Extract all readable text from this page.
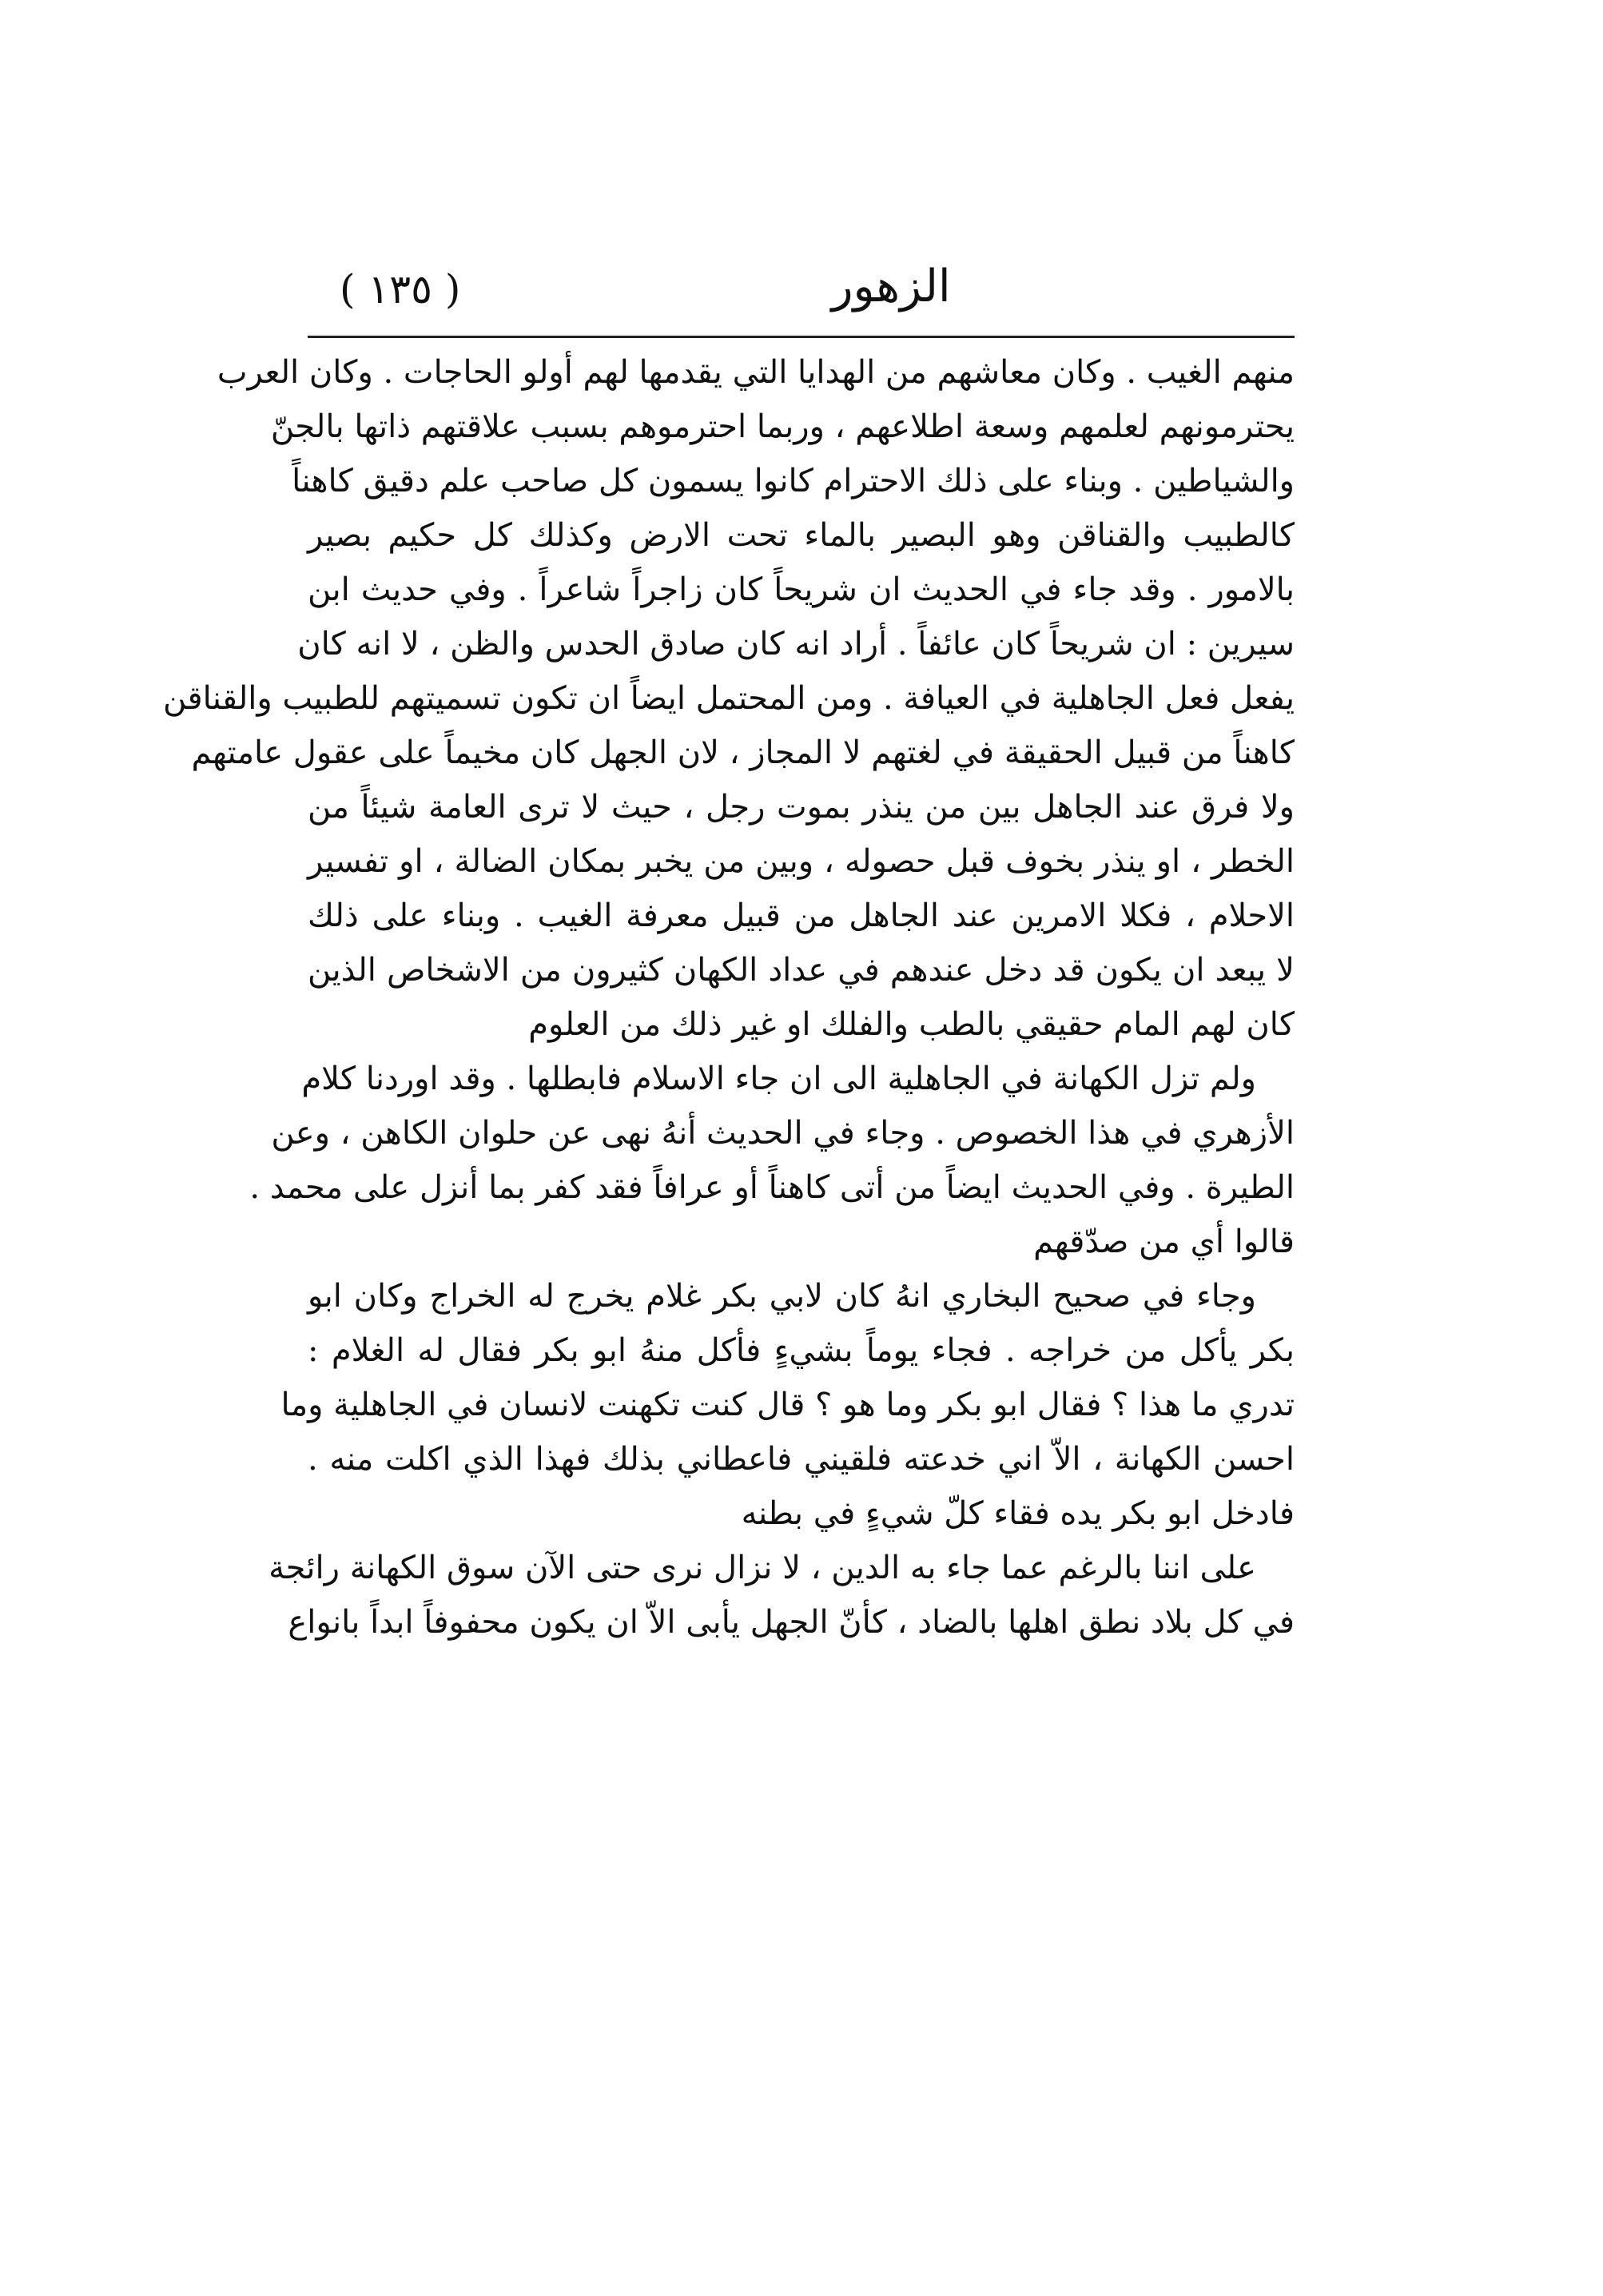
( ١٣٥ )	الزهور
منهم الغيب . وكان معاشهم من الهدايا التي يقدمها لهم أولو الحاجات . وكان العرب
يحترمونهم لعلمهم وسعة اطلاعهم ، وربما احترموهم بسبب علاقتهم ذاتها بالجنّ
والشياطين . وبناء على ذلك الاحترام كانوا يسمون كل صاحب علم دقيق كاهناً
كالطبيب والقناقن وهو البصير بالماء تحت الارض وكذلك كل حكيم بصير
بالامور . وقد جاء في الحديث ان شريحاً كان زاجراً شاعراً . وفي حديث ابن
سيرين : ان شريحاً كان عائفاً . أراد انه كان صادق الحدس والظن ، لا انه كان
يفعل فعل الجاهلية في العيافة . ومن المحتمل ايضاً ان تكون تسميتهم للطبيب والقناقن
كاهناً من قبيل الحقيقة في لغتهم لا المجاز ، لان الجهل كان مخيماً على عقول عامتهم
ولا فرق عند الجاهل بين من ينذر بموت رجل ، حيث لا ترى العامة شيئاً من
الخطر ، او ينذر بخوف قبل حصوله ، وبين من يخبر بمكان الضالة ، او تفسير
الاحلام ، فكلا الامرين عند الجاهل من قبيل معرفة الغيب . وبناء على ذلك
لا يبعد ان يكون قد دخل عندهم في عداد الكهان كثيرون من الاشخاص الذين
كان لهم المام حقيقي بالطب والفلك او غير ذلك من العلوم
ولم تزل الكهانة في الجاهلية الى ان جاء الاسلام فابطلها . وقد اوردنا كلام
الأزهري في هذا الخصوص . وجاء في الحديث أنهُ نهى عن حلوان الكاهن ، وعن
الطيرة . وفي الحديث ايضاً من أتى كاهناً أو عرافاً فقد كفر بما أنزل على محمد .
قالوا أي من صدّقهم
وجاء في صحيح البخاري انهُ كان لابي بكر غلام يخرج له الخراج وكان ابو
بكر يأكل من خراجه . فجاء يوماً بشيءٍ فأكل منهُ ابو بكر فقال له الغلام :
تدري ما هذا ؟ فقال ابو بكر وما هو ؟ قال كنت تكهنت لانسان في الجاهلية وما
احسن الكهانة ، الاّ اني خدعته فلقيني فاعطاني بذلك فهذا الذي اكلت منه .
فادخل ابو بكر يده فقاء كلّ شيءٍ في بطنه
على اننا بالرغم عما جاء به الدين ، لا نزال نرى حتى الآن سوق الكهانة رائجة
في كل بلاد نطق اهلها بالضاد ، كأنّ الجهل يأبى الاّ ان يكون محفوفاً ابداً بانواع
